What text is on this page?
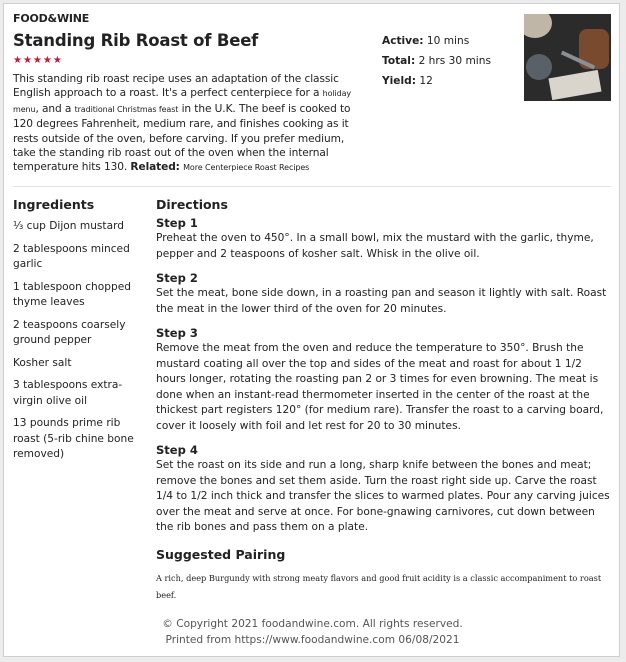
FOOD&WINE
Standing Rib Roast of Beef
★★★★★
This standing rib roast recipe uses an adaptation of the classic English approach to a roast. It's a perfect centerpiece for a holiday menu, and a traditional Christmas feast in the U.K. The beef is cooked to 120 degrees Fahrenheit, medium rare, and finishes cooking as it rests outside of the oven, before carving. If you prefer medium, take the standing rib roast out of the oven when the internal temperature hits 130. Related: More Centerpiece Roast Recipes
Active: 10 mins
Total: 2 hrs 30 mins
Yield: 12
Ingredients
⅓ cup Dijon mustard
2 tablespoons minced garlic
1 tablespoon chopped thyme leaves
2 teaspoons coarsely ground pepper
Kosher salt
3 tablespoons extra-virgin olive oil
13 pounds prime rib roast (5-rib chine bone removed)
Directions
Step 1
Preheat the oven to 450°. In a small bowl, mix the mustard with the garlic, thyme, pepper and 2 teaspoons of kosher salt. Whisk in the olive oil.
Step 2
Set the meat, bone side down, in a roasting pan and season it lightly with salt. Roast the meat in the lower third of the oven for 20 minutes.
Step 3
Remove the meat from the oven and reduce the temperature to 350°. Brush the mustard coating all over the top and sides of the meat and roast for about 1 1/2 hours longer, rotating the roasting pan 2 or 3 times for even browning. The meat is done when an instant-read thermometer inserted in the center of the roast at the thickest part registers 120° (for medium rare). Transfer the roast to a carving board, cover it loosely with foil and let rest for 20 to 30 minutes.
Step 4
Set the roast on its side and run a long, sharp knife between the bones and meat; remove the bones and set them aside. Turn the roast right side up. Carve the roast 1/4 to 1/2 inch thick and transfer the slices to warmed plates. Pour any carving juices over the meat and serve at once. For bone-gnawing carnivores, cut down between the rib bones and pass them on a plate.
Suggested Pairing
A rich, deep Burgundy with strong meaty flavors and good fruit acidity is a classic accompaniment to roast beef.
© Copyright 2021 foodandwine.com. All rights reserved.
Printed from https://www.foodandwine.com 06/08/2021
